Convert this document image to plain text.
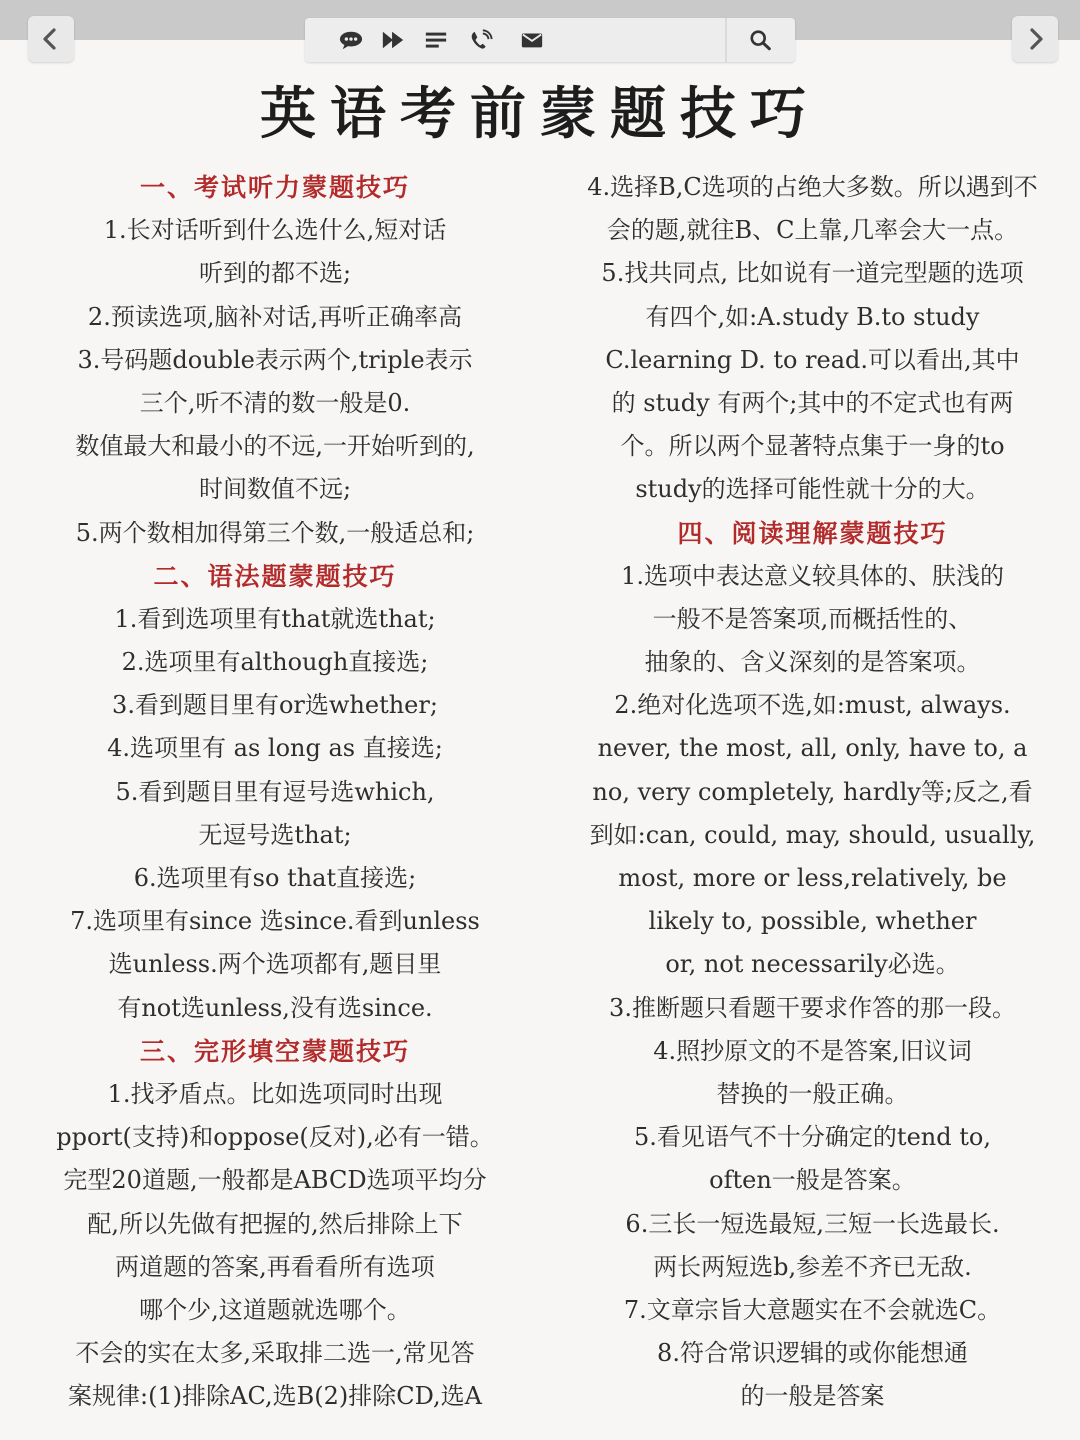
英语考前蒙题技巧
一、考试听力蒙题技巧
1.长对话听到什么选什么,短对话
听到的都不选;
2.预读选项,脑补对话,再听正确率高
3.号码题double表示两个,triple表示
三个,听不清的数一般是0.
数值最大和最小的不远,一开始听到的,
时间数值不远;
5.两个数相加得第三个数,一般适总和;
二、语法题蒙题技巧
1.看到选项里有that就选that;
2.选项里有although直接选;
3.看到题目里有or选whether;
4.选项里有 as long as 直接选;
5.看到题目里有逗号选which,
无逗号选that;
6.选项里有so that直接选;
7.选项里有since 选since.看到unless
选unless.两个选项都有,题目里
有not选unless,没有选since.
三、完形填空蒙题技巧
1.找矛盾点。比如选项同时出现
pport(支持)和oppose(反对),必有一错。
完型20道题,一般都是ABCD选项平均分
配,所以先做有把握的,然后排除上下
两道题的答案,再看看所有选项
哪个少,这道题就选哪个。
不会的实在太多,采取排二选一,常见答
案规律:(1)排除AC,选B(2)排除CD,选A
4.选择B,C选项的占绝大多数。所以遇到不
会的题,就往B、C上靠,几率会大一点。
5.找共同点, 比如说有一道完型题的选项
有四个,如:A.study B.to study
C.learning D. to read.可以看出,其中
的 study 有两个;其中的不定式也有两
个。所以两个显著特点集于一身的to
study的选择可能性就十分的大。
四、阅读理解蒙题技巧
1.选项中表达意义较具体的、肤浅的
一般不是答案项,而概括性的、
抽象的、含义深刻的是答案项。
2.绝对化选项不选,如:must, always.
never, the most, all, only, have to, a
no, very completely, hardly等;反之,看
到如:can, could, may, should, usually,
most, more or less,relatively, be
likely to, possible, whether
or, not necessarily必选。
3.推断题只看题干要求作答的那一段。
4.照抄原文的不是答案,旧议词
替换的一般正确。
5.看见语气不十分确定的tend to,
often一般是答案。
6.三长一短选最短,三短一长选最长.
两长两短选b,参差不齐已无敌.
7.文章宗旨大意题实在不会就选C。
8.符合常识逻辑的或你能想通
的一般是答案
